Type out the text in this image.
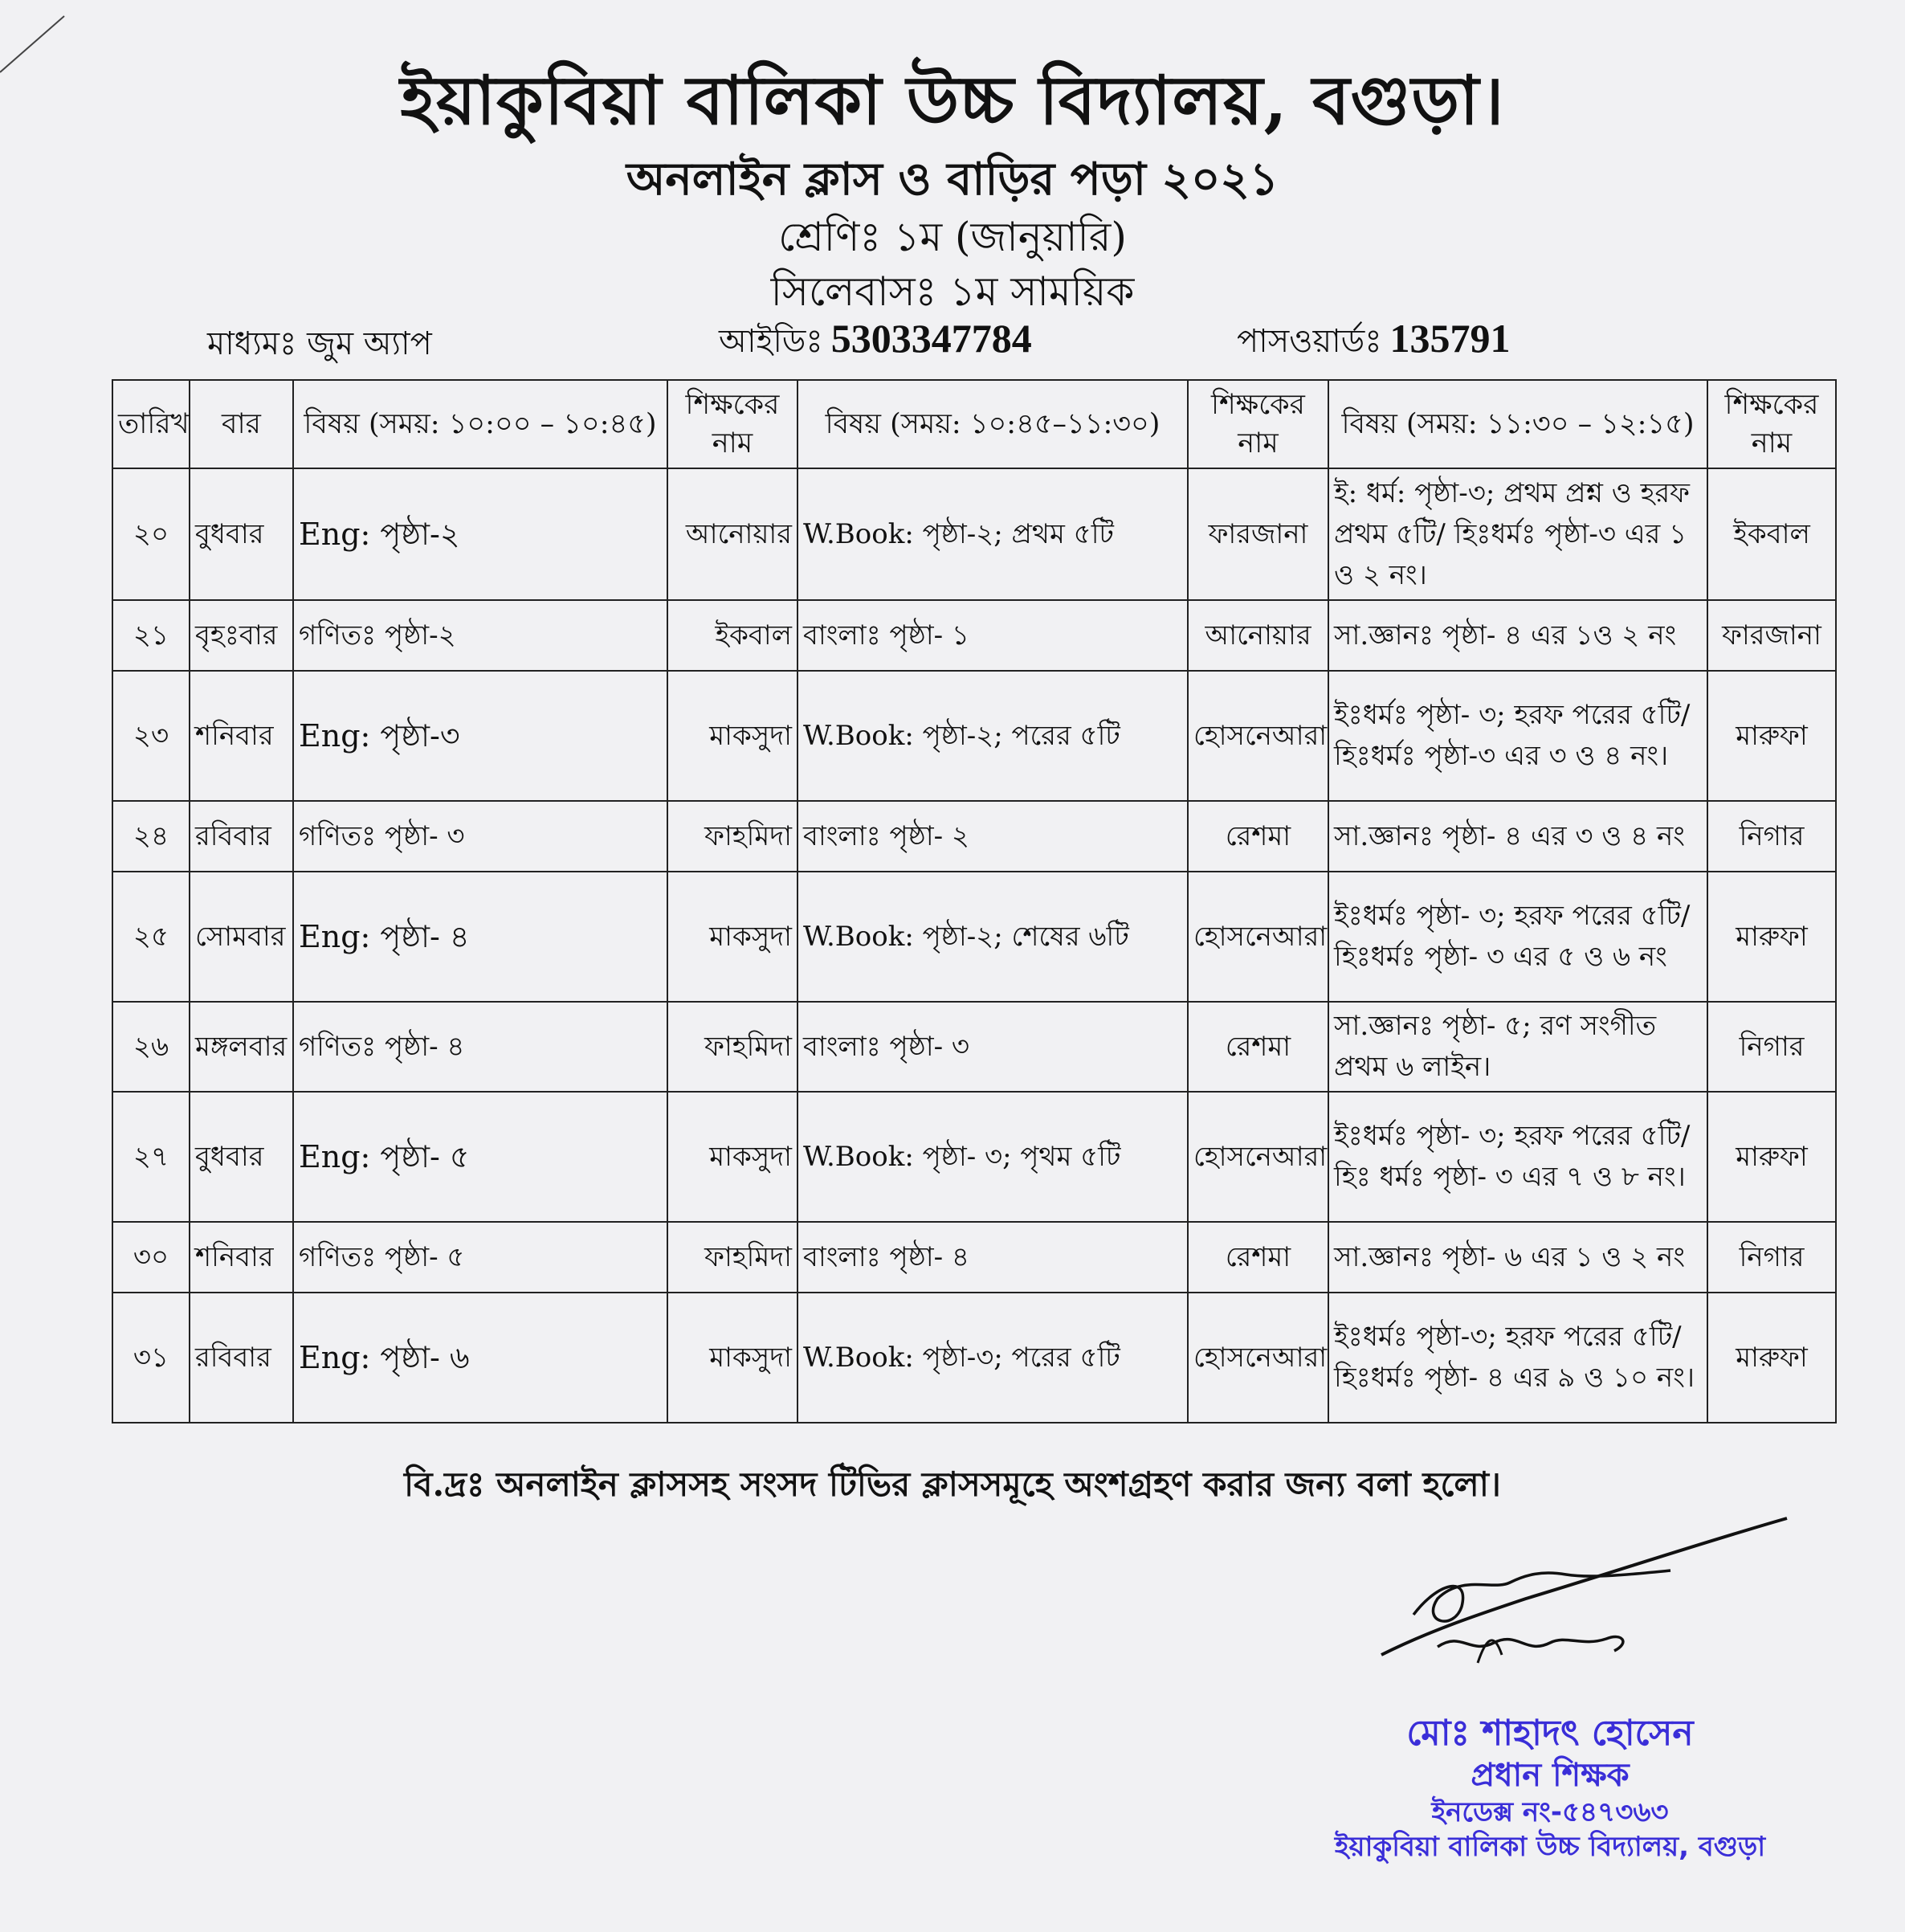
ইয়াকুবিয়া বালিকা উচ্চ বিদ্যালয়, বগুড়া।
অনলাইন ক্লাস ও বাড়ির পড়া ২০২১
শ্রেণিঃ ১ম (জানুয়ারি)
সিলেবাসঃ ১ম সাময়িক
মাধ্যমঃ জুম অ্যাপ	আইডিঃ 5303347784	পাসওয়ার্ডঃ 135791
তারিখ	বার	বিষয় (সময়: ১০:০০ – ১০:৪৫)	শিক্ষকের নাম	বিষয় (সময়: ১০:৪৫–১১:৩০)	শিক্ষকের নাম	বিষয় (সময়: ১১:৩০ – ১২:১৫)	শিক্ষকের নাম
২০	বুধবার	Eng: পৃষ্ঠা-২	আনোয়ার	W.Book: পৃষ্ঠা-২; প্রথম ৫টি	ফারজানা	ই: ধর্ম: পৃষ্ঠা-৩; প্রথম প্রশ্ন ও হরফ প্রথম ৫টি/ হিঃধর্মঃ পৃষ্ঠা-৩ এর ১ ও ২ নং।	ইকবাল
২১	বৃহঃবার	গণিতঃ পৃষ্ঠা-২	ইকবাল	বাংলাঃ পৃষ্ঠা- ১	আনোয়ার	সা.জ্ঞানঃ পৃষ্ঠা- ৪ এর ১ও ২ নং	ফারজানা
২৩	শনিবার	Eng: পৃষ্ঠা-৩	মাকসুদা	W.Book: পৃষ্ঠা-২; পরের ৫টি	হোসনেআরা	ইঃধর্মঃ পৃষ্ঠা- ৩; হরফ পরের ৫টি/ হিঃধর্মঃ পৃষ্ঠা-৩ এর ৩ ও ৪ নং।	মারুফা
২৪	রবিবার	গণিতঃ পৃষ্ঠা- ৩	ফাহমিদা	বাংলাঃ পৃষ্ঠা- ২	রেশমা	সা.জ্ঞানঃ পৃষ্ঠা- ৪ এর ৩ ও ৪ নং	নিগার
২৫	সোমবার	Eng: পৃষ্ঠা- ৪	মাকসুদা	W.Book: পৃষ্ঠা-২; শেষের ৬টি	হোসনেআরা	ইঃধর্মঃ পৃষ্ঠা- ৩; হরফ পরের ৫টি/ হিঃধর্মঃ পৃষ্ঠা- ৩ এর ৫ ও ৬ নং	মারুফা
২৬	মঙ্গলবার	গণিতঃ পৃষ্ঠা- ৪	ফাহমিদা	বাংলাঃ পৃষ্ঠা- ৩	রেশমা	সা.জ্ঞানঃ পৃষ্ঠা- ৫; রণ সংগীত প্রথম ৬ লাইন।	নিগার
২৭	বুধবার	Eng: পৃষ্ঠা- ৫	মাকসুদা	W.Book: পৃষ্ঠা- ৩; পৃথম ৫টি	হোসনেআরা	ইঃধর্মঃ পৃষ্ঠা- ৩; হরফ পরের ৫টি/ হিঃ ধর্মঃ পৃষ্ঠা- ৩ এর ৭ ও ৮ নং।	মারুফা
৩০	শনিবার	গণিতঃ পৃষ্ঠা- ৫	ফাহমিদা	বাংলাঃ পৃষ্ঠা- ৪	রেশমা	সা.জ্ঞানঃ পৃষ্ঠা- ৬ এর ১ ও ২ নং	নিগার
৩১	রবিবার	Eng: পৃষ্ঠা- ৬	মাকসুদা	W.Book: পৃষ্ঠা-৩; পরের ৫টি	হোসনেআরা	ইঃধর্মঃ পৃষ্ঠা-৩; হরফ পরের ৫টি/ হিঃধর্মঃ পৃষ্ঠা- ৪ এর ৯ ও ১০ নং।	মারুফা
বি.দ্রঃ অনলাইন ক্লাসসহ সংসদ টিভির ক্লাসসমূহে অংশগ্রহণ করার জন্য বলা হলো।
মোঃ শাহাদৎ হোসেন
প্রধান শিক্ষক
ইনডেক্স নং-৫৪৭৩৬৩
ইয়াকুবিয়া বালিকা উচ্চ বিদ্যালয়, বগুড়া
